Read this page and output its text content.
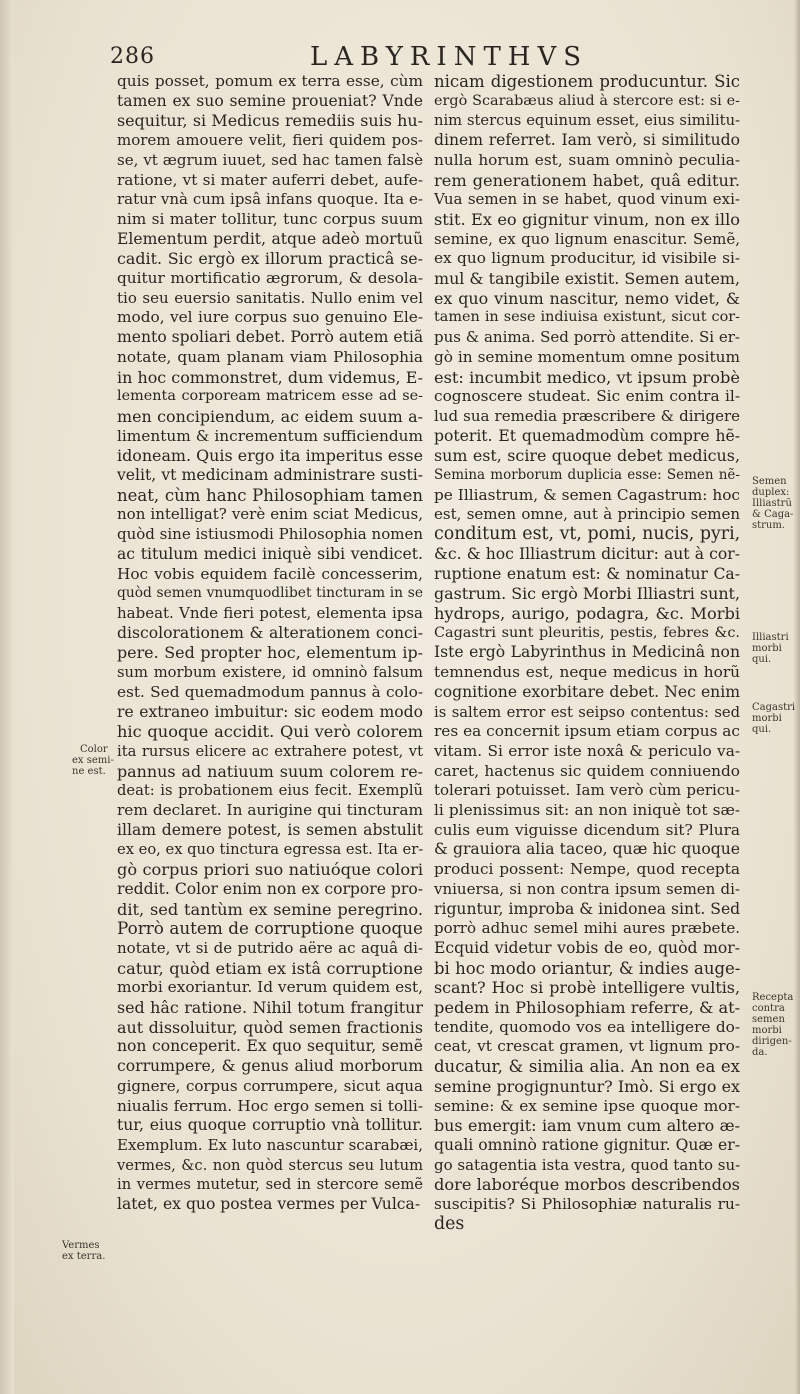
286	LABYRINTHVS

quis posset, pomum ex terra esse, cùm

tamen ex suo semine proueniat? Vnde

sequitur, si Medicus remediis suis hu-

morem amouere velit, fieri quidem pos-

se, vt ægrum iuuet, sed hac tamen falsè

ratione, vt si mater auferri debet, aufe-

ratur vnà cum ipsâ infans quoque. Ita e-

nim si mater tollitur, tunc corpus suum

Elementum perdit, atque adeò mortuũ

cadit. Sic ergò ex illorum practicâ se-

quitur mortificatio ægrorum, & desola-

tio seu euersio sanitatis. Nullo enim vel

modo, vel iure corpus suo genuino Ele-

mento spoliari debet. Porrò autem etiã

notate, quam planam viam Philosophia

in hoc commonstret, dum videmus, E-

lementa corpoream matricem esse ad se-

men concipiendum, ac eidem suum a-

limentum & incrementum sufficiendum

idoneam. Quis ergo ita imperitus esse

velit, vt medicinam administrare susti-

neat, cùm hanc Philosophiam tamen

non intelligat? verè enim sciat Medicus,

quòd sine istiusmodi Philosophia nomen

ac titulum medici iniquè sibi vendicet.

Hoc vobis equidem facilè concesserim,

quòd semen vnumquodlibet tincturam in se

habeat. Vnde fieri potest, elementa ipsa

discolorationem & alterationem conci-

pere. Sed propter hoc, elementum ip-

sum morbum existere, id omninò falsum

est. Sed quemadmodum pannus à colo-

re extraneo imbuitur: sic eodem modo

hic quoque accidit. Qui verò colorem

ita rursus elicere ac extrahere potest, vt

pannus ad natiuum suum colorem re-

deat: is probationem eius fecit. Exemplũ

rem declaret. In aurigine qui tincturam

illam demere potest, is semen abstulit

ex eo, ex quo tinctura egressa est. Ita er-

gò corpus priori suo natiuóque colori

reddit. Color enim non ex corpore pro-

dit, sed tantùm ex semine peregrino.

Porrò autem de corruptione quoque

notate, vt si de putrido aëre ac aquâ di-

catur, quòd etiam ex istâ corruptione

morbi exoriantur. Id verum quidem est,

sed hâc ratione. Nihil totum frangitur

aut dissoluitur, quòd semen fractionis

non conceperit. Ex quo sequitur, semẽ

corrumpere, & genus aliud morborum

gignere, corpus corrumpere, sicut aqua

niualis ferrum. Hoc ergo semen si tolli-

tur, eius quoque corruptio vnà tollitur.

Exemplum. Ex luto nascuntur scarabæi,

vermes, &c. non quòd stercus seu lutum

in vermes mutetur, sed in stercore semẽ

latet, ex quo postea vermes per Vulca-

nicam digestionem producuntur. Sic

ergò Scarabæus aliud à stercore est: si e-

nim stercus equinum esset, eius similitu-

dinem referret. Iam verò, si similitudo

nulla horum est, suam omninò peculia-

rem generationem habet, quâ editur.

Vua semen in se habet, quod vinum exi-

stit. Ex eo gignitur vinum, non ex illo

semine, ex quo lignum enascitur. Semẽ,

ex quo lignum producitur, id visibile si-

mul & tangibile existit. Semen autem,

ex quo vinum nascitur, nemo videt, &

tamen in sese indiuisa existunt, sicut cor-

pus & anima. Sed porrò attendite. Si er-

gò in semine momentum omne positum

est: incumbit medico, vt ipsum probè

cognoscere studeat. Sic enim contra il-

lud sua remedia præscribere & dirigere

poterit. Et quemadmodùm compre hẽ-

sum est, scire quoque debet medicus,

Semina morborum duplicia esse: Semen nẽ-

pe Illiastrum, & semen Cagastrum: hoc

est, semen omne, aut à principio semen

conditum est, vt, pomi, nucis, pyri,

&c. & hoc Illiastrum dicitur: aut à cor-

ruptione enatum est: & nominatur Ca-

gastrum. Sic ergò Morbi Illiastri sunt,

hydrops, aurigo, podagra, &c. Morbi

Cagastri sunt pleuritis, pestis, febres &c.

Iste ergò Labyrinthus in Medicinâ non

temnendus est, neque medicus in horũ

cognitione exorbitare debet. Nec enim

is saltem error est seipso contentus: sed

res ea concernit ipsum etiam corpus ac

vitam. Si error iste noxâ & periculo va-

caret, hactenus sic quidem conniuendo

tolerari potuisset. Iam verò cùm pericu-

li plenissimus sit: an non iniquè tot sæ-

culis eum viguisse dicendum sit? Plura

& grauiora alia taceo, quæ hic quoque

produci possent: Nempe, quod recepta

vniuersa, si non contra ipsum semen di-

riguntur, improba & inidonea sint. Sed

porrò adhuc semel mihi aures præbete.

Ecquid videtur vobis de eo, quòd mor-

bi hoc modo oriantur, & indies auge-

scant? Hoc si probè intelligere vultis,

pedem in Philosophiam referre, & at-

tendite, quomodo vos ea intelligere do-

ceat, vt crescat gramen, vt lignum pro-

ducatur, & similia alia. An non ea ex

semine progignuntur? Imò. Si ergo ex

semine: & ex semine ipse quoque mor-

bus emergit: iam vnum cum altero æ-

quali omninò ratione gignitur. Quæ er-

go satagentia ista vestra, quod tanto su-

dore laboréque morbos describendos

suscipitis? Si Philosophiæ naturalis ru-

des

Color

ex semi-

ne est.

Vermes

ex terra.

Semen

duplex:

Illiastrũ

& Caga-

strum.

Illiastri

morbi

qui.

Cagastri

morbi

qui.

Recepta

contra

semen

morbi

dirigen-

da.
